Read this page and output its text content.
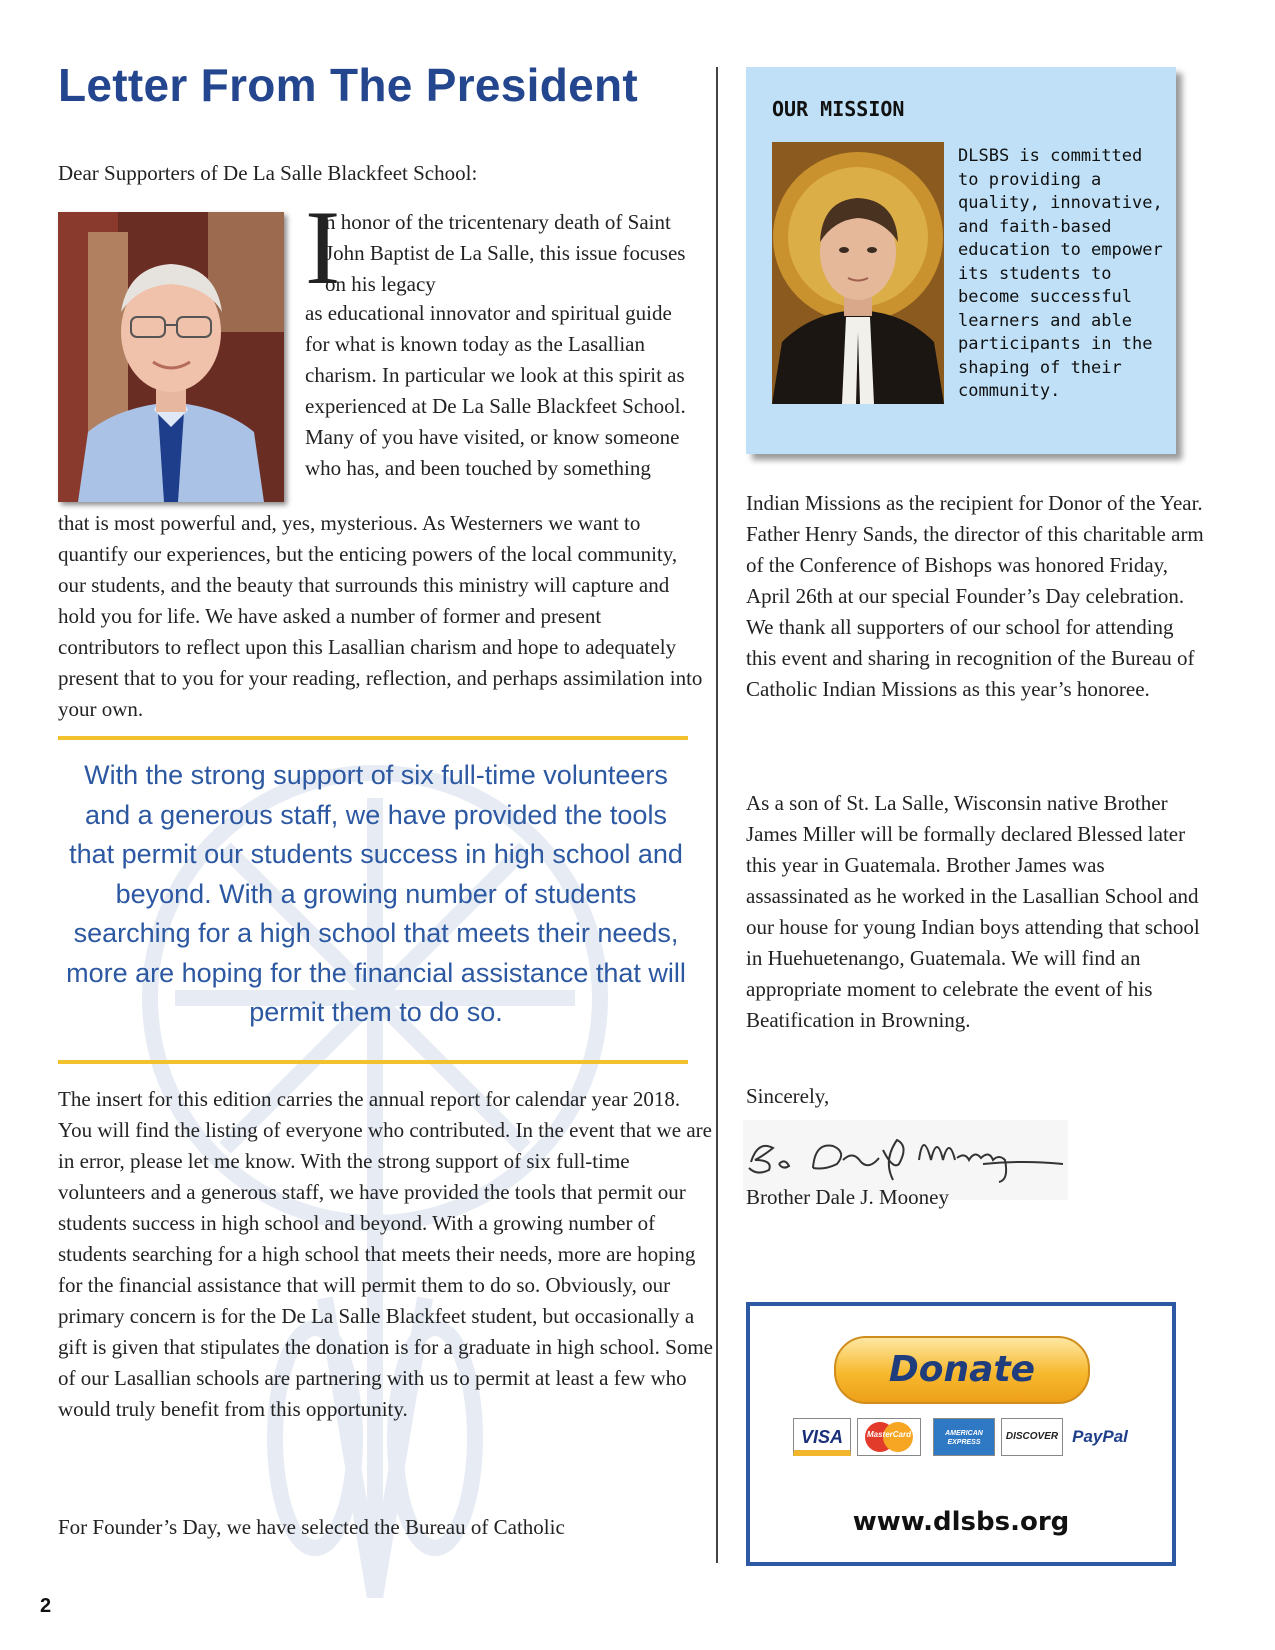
Letter From The President

Dear Supporters of De La Salle Blackfeet School:

I

n honor of the tricentenary death of Saint John Baptist de La Salle, this issue focuses on his legacy

as educational innovator and spiritual guide for what is known today as the Lasallian charism. In particular we look at this spirit as experienced at De La Salle Blackfeet School. Many of you have visited, or know someone who has, and been touched by something

that is most powerful and, yes, mysterious. As Westerners we want to quantify our experiences, but the enticing powers of the local community, our students, and the beauty that surrounds this ministry will capture and hold you for life. We have asked a number of former and present contributors to reflect upon this Lasallian charism and hope to adequately present that to you for your reading, reflection, and perhaps assimilation into your own.

With the strong support of six full-time volunteers and a generous staff, we have provided the tools that permit our students success in high school and beyond. With a growing number of students searching for a high school that meets their needs, more are hoping for the financial assistance that will permit them to do so.

The insert for this edition carries the annual report for calendar year 2018. You will find the listing of everyone who contributed. In the event that we are in error, please let me know. With the strong support of six full-time volunteers and a generous staff, we have provided the tools that permit our students success in high school and beyond. With a growing number of students searching for a high school that meets their needs, more are hoping for the financial assistance that will permit them to do so. Obviously, our primary concern is for the De La Salle Blackfeet student, but occasionally a gift is given that stipulates the donation is for a graduate in high school. Some of our Lasallian schools are partnering with us to permit at least a few who would truly benefit from this opportunity.

For Founder’s Day, we have selected the Bureau of Catholic

OUR MISSION

DLSBS is committed to providing a quality, innovative, and faith-based education to empower its students to become successful learners and able participants in the shaping of their community.

Indian Missions as the recipient for Donor of the Year. Father Henry Sands, the director of this charitable arm of the Conference of Bishops was honored Friday, April 26th at our special Founder’s Day celebration. We thank all supporters of our school for attending this event and sharing in recognition of the Bureau of Catholic Indian Missions as this year’s honoree.

As a son of St. La Salle, Wisconsin native Brother James Miller will be formally declared Blessed later this year in Guatemala. Brother James was assassinated as he worked in the Lasallian School and our house for young Indian boys attending that school in Huehuetenango, Guatemala. We will find an appropriate moment to celebrate the event of his Beatification in Browning.

Sincerely,

Brother Dale J. Mooney

Donate
VISA	MasterCard	AMERICAN EXPRESS
DISCOVER PayPal
www.dlsbs.org

2
